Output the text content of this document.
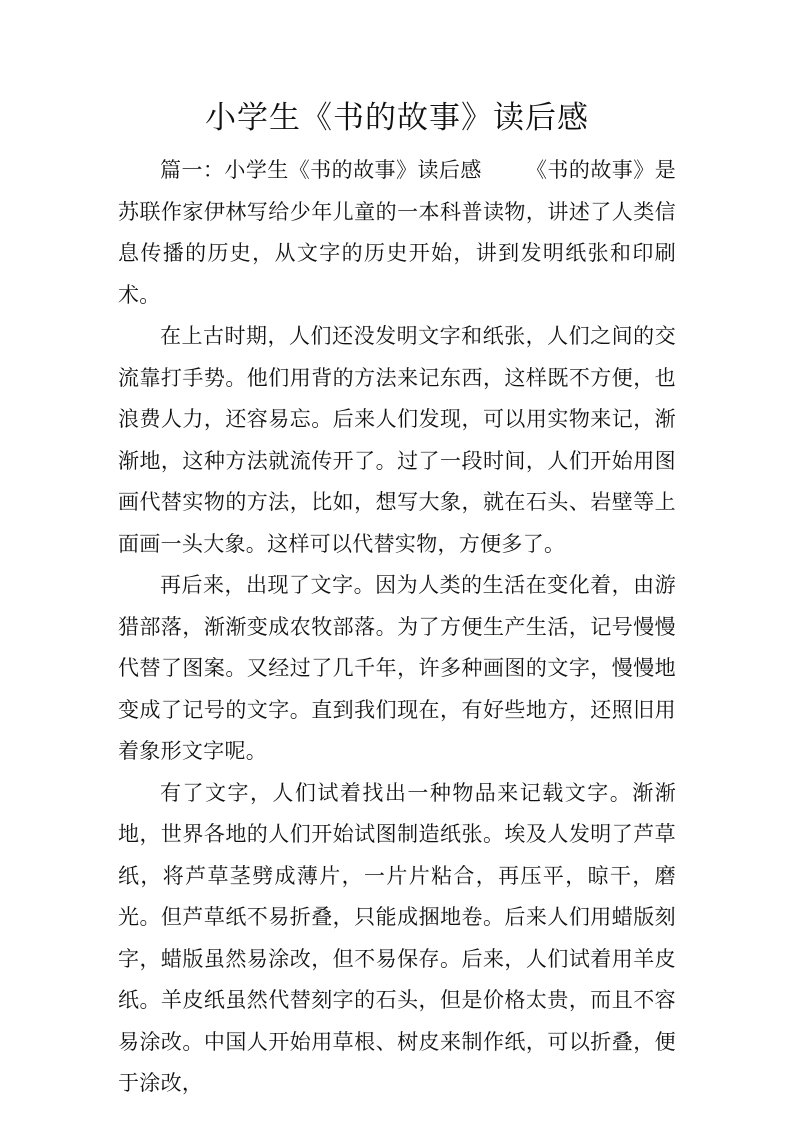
小学生《书的故事》读后感

篇一：小学生《书的故事》读后感 《书的故事》是苏联作家伊林写给少年儿童的一本科普读物，讲述了人类信息传播的历史，从文字的历史开始，讲到发明纸张和印刷术。

在上古时期，人们还没发明文字和纸张，人们之间的交流靠打手势。他们用背的方法来记东西，这样既不方便，也浪费人力，还容易忘。后来人们发现，可以用实物来记，渐渐地，这种方法就流传开了。过了一段时间，人们开始用图画代替实物的方法，比如，想写大象，就在石头、岩壁等上面画一头大象。这样可以代替实物，方便多了。

再后来，出现了文字。因为人类的生活在变化着，由游猎部落，渐渐变成农牧部落。为了方便生产生活，记号慢慢代替了图案。又经过了几千年，许多种画图的文字，慢慢地变成了记号的文字。直到我们现在，有好些地方，还照旧用着象形文字呢。

有了文字，人们试着找出一种物品来记载文字。渐渐地，世界各地的人们开始试图制造纸张。埃及人发明了芦草纸，将芦草茎劈成薄片，一片片粘合，再压平，晾干，磨光。但芦草纸不易折叠，只能成捆地卷。后来人们用蜡版刻字，蜡版虽然易涂改，但不易保存。后来，人们试着用羊皮纸。羊皮纸虽然代替刻字的石头，但是价格太贵，而且不容易涂改。中国人开始用草根、树皮来制作纸，可以折叠，便于涂改，
